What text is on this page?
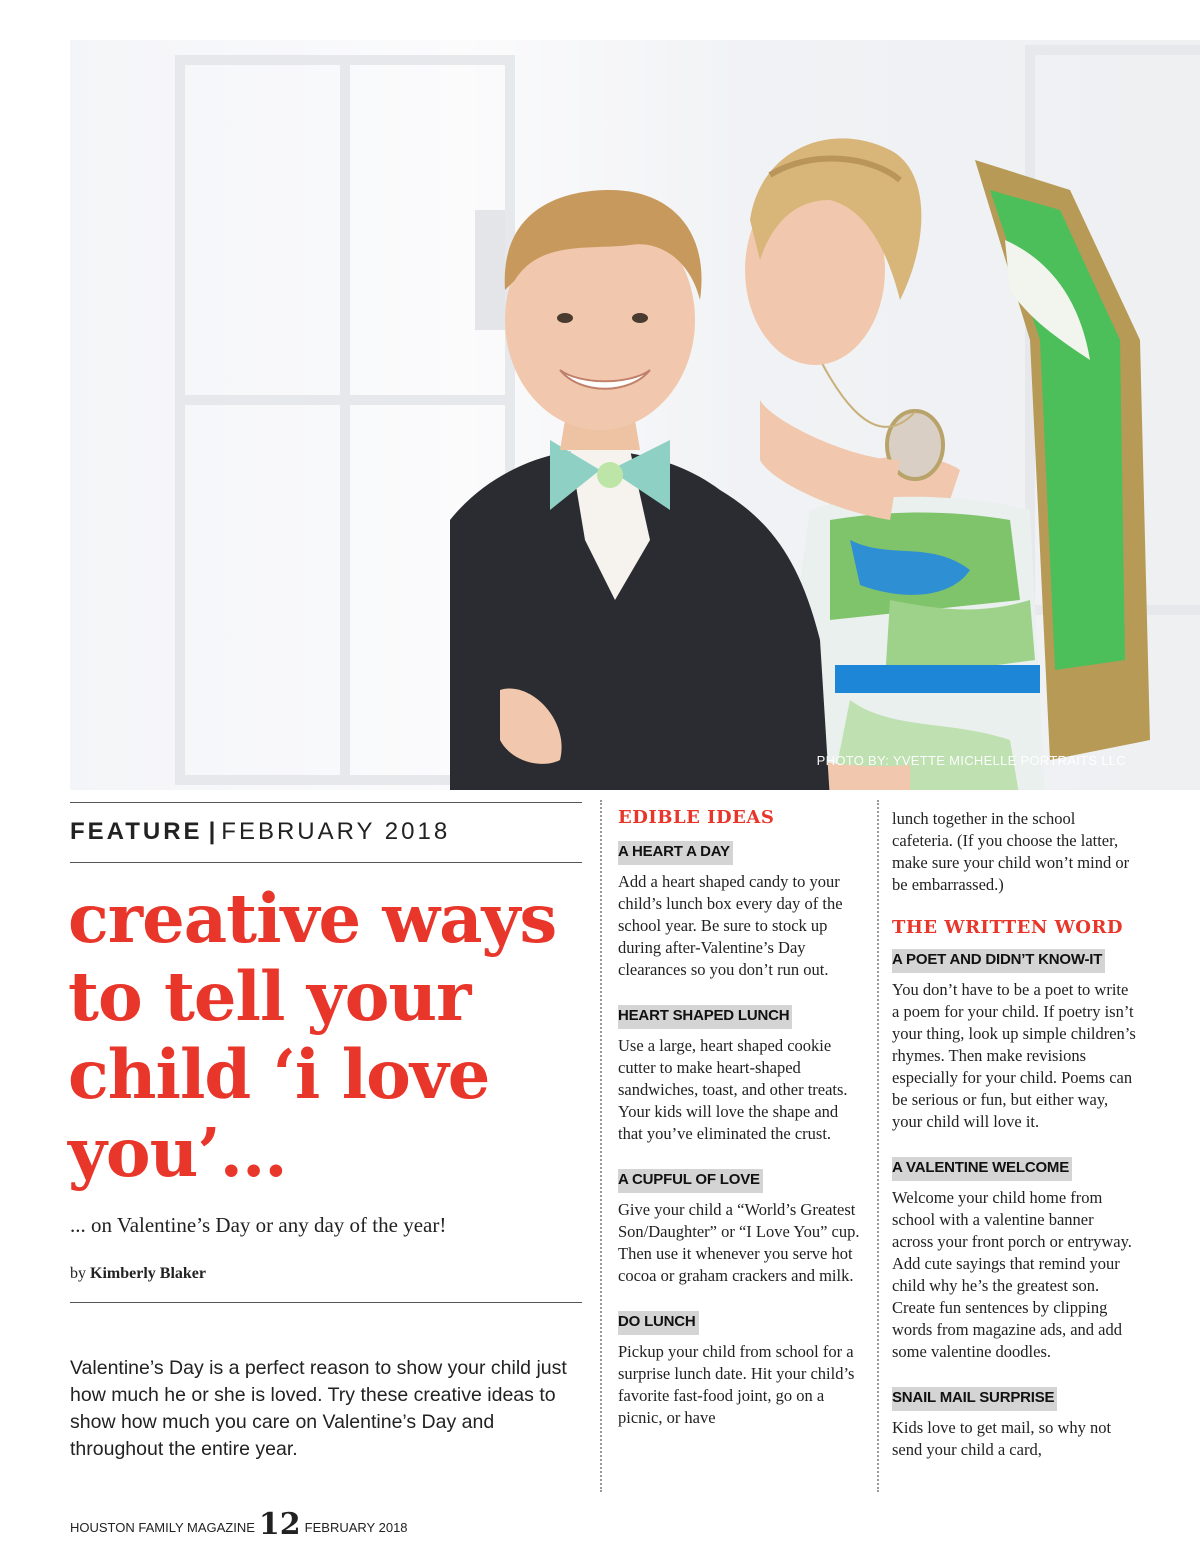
PHOTO BY: YVETTE MICHELLE PORTRAITS LLC
FEATURE | FEBRUARY 2018
creative ways to tell your child ‘i love you’...
... on Valentine’s Day or any day of the year!
by Kimberly Blaker

Valentine’s Day is a perfect reason to show your child just how much he or she is loved. Try these creative ideas to show how much you care on Valentine’s Day and throughout the entire year.

EDIBLE IDEAS
A HEART A DAY

Add a heart shaped candy to your child’s lunch box every day of the school year. Be sure to stock up during after-Valentine’s Day clearances so you don’t run out.

HEART SHAPED LUNCH

Use a large, heart shaped cookie cutter to make heart-shaped sandwiches, toast, and other treats. Your kids will love the shape and that you’ve eliminated the crust.

A CUPFUL OF LOVE

Give your child a “World’s Greatest Son/Daughter” or “I Love You” cup. Then use it whenever you serve hot cocoa or graham crackers and milk.

DO LUNCH

Pickup your child from school for a surprise lunch date. Hit your child’s favorite fast-food joint, go on a picnic, or have

lunch together in the school cafeteria. (If you choose the latter, make sure your child won’t mind or be embarrassed.)

THE WRITTEN WORD
A POET AND DIDN’T KNOW-IT

You don’t have to be a poet to write a poem for your child. If poetry isn’t your thing, look up simple children’s rhymes. Then make revisions especially for your child. Poems can be serious or fun, but either way, your child will love it.

A VALENTINE WELCOME

Welcome your child home from school with a valentine banner across your front porch or entryway. Add cute sayings that remind your child why he’s the greatest son. Create fun sentences by clipping words from magazine ads, and add some valentine doodles.

SNAIL MAIL SURPRISE

Kids love to get mail, so why not send your child a card,

HOUSTON FAMILY MAGAZINE 12 FEBRUARY 2018
